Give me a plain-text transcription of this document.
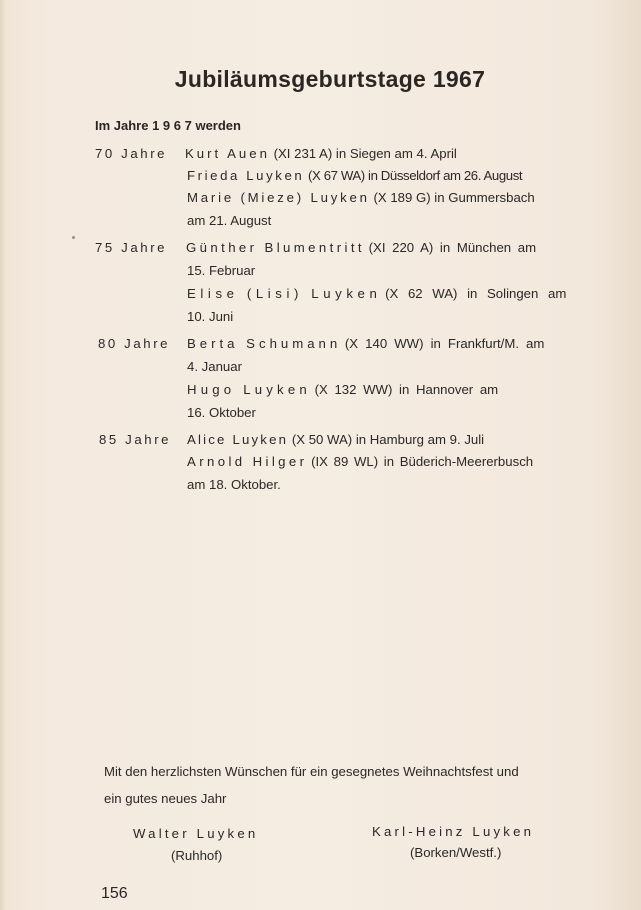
Jubiläumsgeburtstage 1967
Im Jahre 1 9 6 7 werden
70 Jahre Kurt Auen (XI 231 A) in Siegen am 4. April
Frieda Luyken (X 67 WA) in Düsseldorf am 26. August
Marie (Mieze) Luyken (X 189 G) in Gummersbach
am 21. August
75 Jahre Günther Blumentritt (XI 220 A) in München am
15. Februar
Elise (Lisi) Luyken (X 62 WA) in Solingen am
10. Juni
80 Jahre Berta Schumann (X 140 WW) in Frankfurt/M. am
4. Januar
Hugo Luyken (X 132 WW) in Hannover am
16. Oktober
85 Jahre Alice Luyken (X 50 WA) in Hamburg am 9. Juli
Arnold Hilger (IX 89 WL) in Büderich-Meererbusch
am 18. Oktober.
Mit den herzlichsten Wünschen für ein gesegnetes Weihnachtsfest und
ein gutes neues Jahr
Walter Luyken
(Ruhhof)
Karl-Heinz Luyken
(Borken/Westf.)
156
